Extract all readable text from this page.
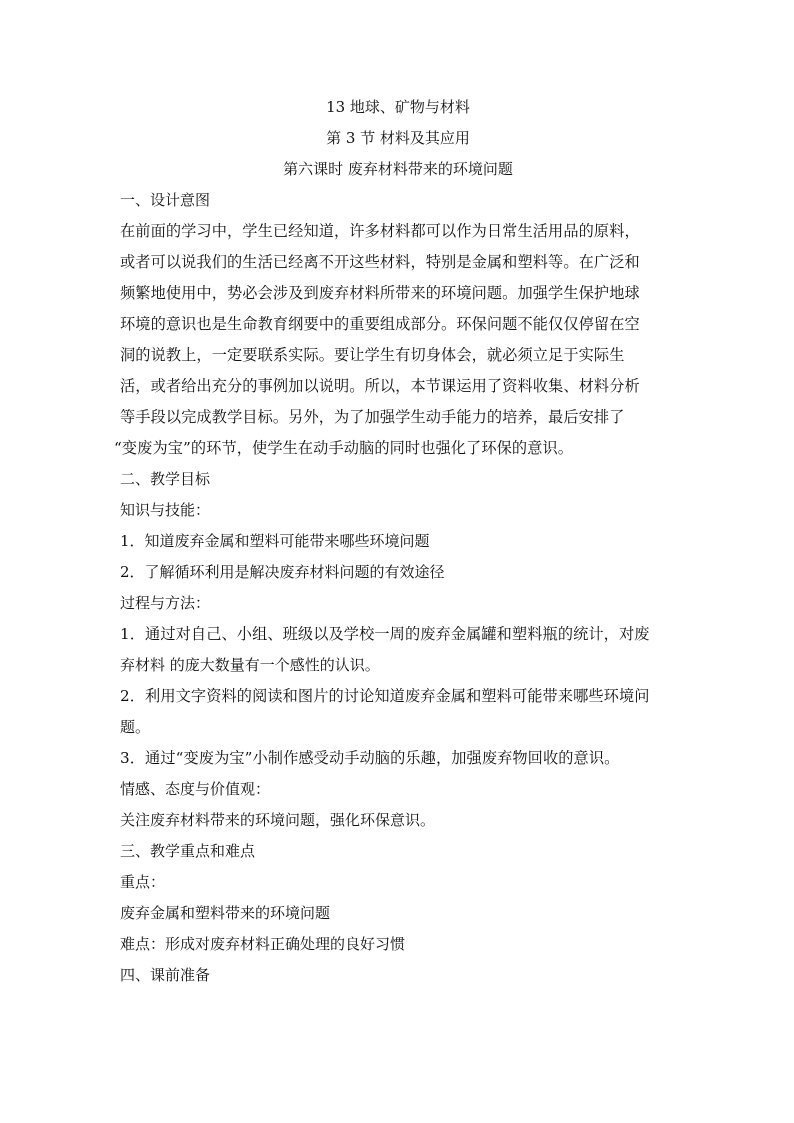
13 地球、矿物与材料
第 3 节 材料及其应用
第六课时 废弃材料带来的环境问题
一、设计意图
在前面的学习中，学生已经知道，许多材料都可以作为日常生活用品的原料，
或者可以说我们的生活已经离不开这些材料，特别是金属和塑料等。在广泛和
频繁地使用中，势必会涉及到废弃材料所带来的环境问题。加强学生保护地球
环境的意识也是生命教育纲要中的重要组成部分。环保问题不能仅仅停留在空
洞的说教上，一定要联系实际。要让学生有切身体会，就必须立足于实际生
活，或者给出充分的事例加以说明。所以，本节课运用了资料收集、材料分析
等手段以完成教学目标。另外，为了加强学生动手能力的培养，最后安排了
“变废为宝”的环节，使学生在动手动脑的同时也强化了环保的意识。
二、教学目标
知识与技能：
1．知道废弃金属和塑料可能带来哪些环境问题
2．了解循环利用是解决废弃材料问题的有效途径
过程与方法：
1．通过对自己、小组、班级以及学校一周的废弃金属罐和塑料瓶的统计，对废
弃材料 的庞大数量有一个感性的认识。
2．利用文字资料的阅读和图片的讨论知道废弃金属和塑料可能带来哪些环境问
题。
3．通过“变废为宝”小制作感受动手动脑的乐趣，加强废弃物回收的意识。
情感、态度与价值观：
关注废弃材料带来的环境问题，强化环保意识。
三、教学重点和难点
重点：
废弃金属和塑料带来的环境问题
难点：形成对废弃材料正确处理的良好习惯
四、课前准备
